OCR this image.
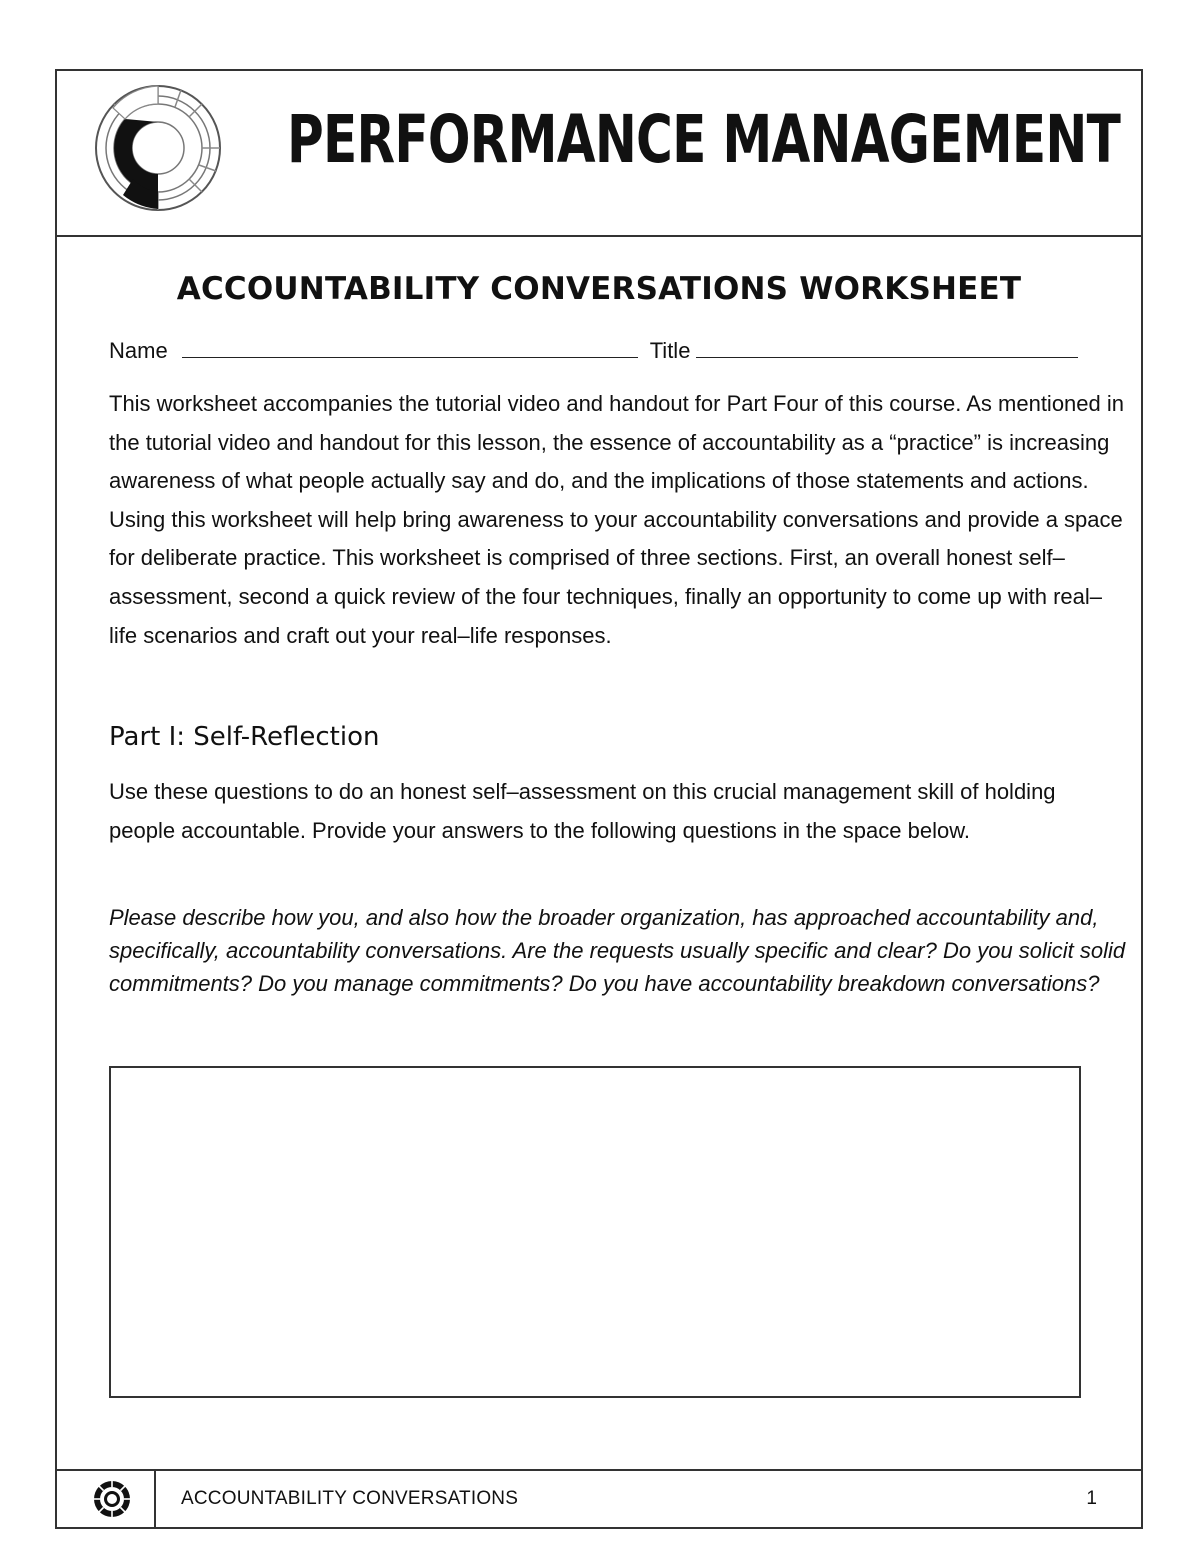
PERFORMANCE MANAGEMENT
ACCOUNTABILITY CONVERSATIONS WORKSHEET
Name	Title

This worksheet accompanies the tutorial video and handout for Part Four of this course. As mentioned in the tutorial video and handout for this lesson, the essence of accountability as a “practice” is increasing awareness of what people actually say and do, and the implications of those statements and actions. Using this worksheet will help bring awareness to your accountability conversations and provide a space for deliberate practice. This worksheet is comprised of three sections. First, an overall honest self–assessment, second a quick review of the four techniques, finally an opportunity to come up with real–life scenarios and craft out your real–life responses.

Part I: Self-Reflection

Use these questions to do an honest self–assessment on this crucial management skill of holding people accountable. Provide your answers to the following questions in the space below.

Please describe how you, and also how the broader organization, has approached accountability and, specifically, accountability conversations. Are the requests usually specific and clear? Do you solicit solid commitments? Do you manage commitments? Do you have accountability breakdown conversations?

ACCOUNTABILITY CONVERSATIONS	1
